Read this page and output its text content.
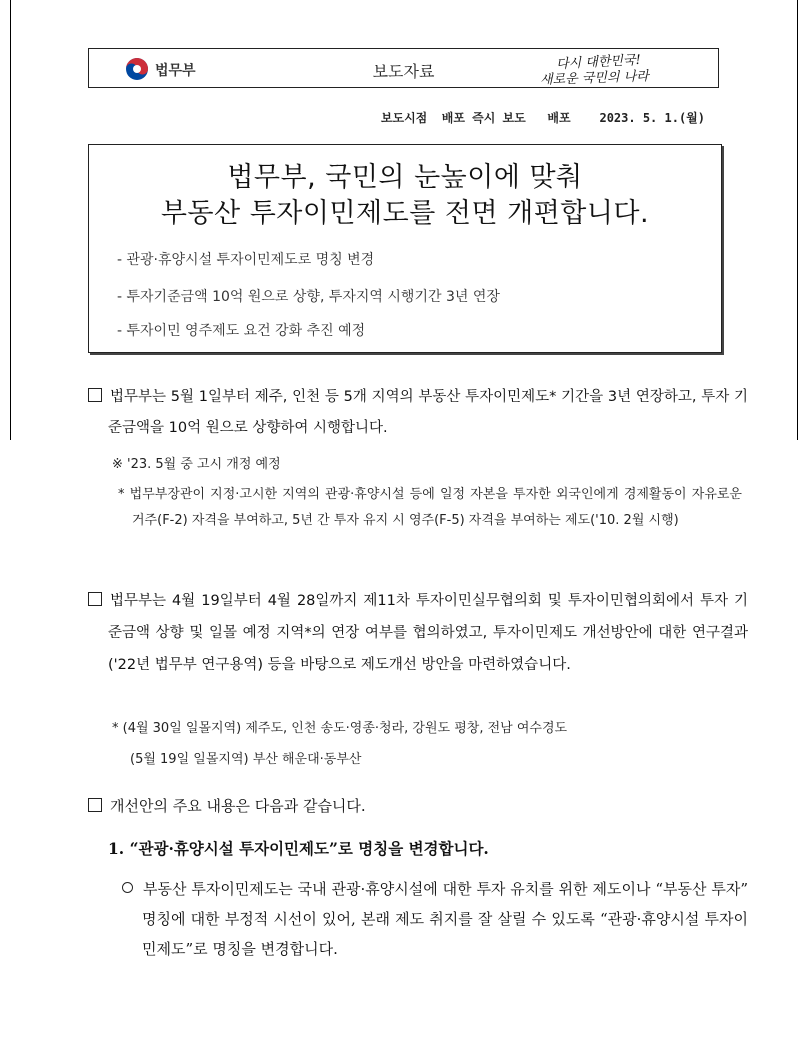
법무부	보도자료	다시 대한민국!
새로운 국민의 나라
보도시점  배포 즉시 보도   배포    2023. 5. 1.(월)
법무부, 국민의 눈높이에 맞춰
부동산 투자이민제도를 전면 개편합니다.
- 관광·휴양시설 투자이민제도로 명칭 변경
- 투자기준금액 10억 원으로 상향, 투자지역 시행기간 3년 연장
- 투자이민 영주제도 요건 강화 추진 예정
법무부는 5월 1일부터 제주, 인천 등 5개 지역의 부동산 투자이민제도* 기간을 3년 연장하고, 투자 기준금액을 10억 원으로 상향하여 시행합니다.
※ '23. 5월 중 고시 개정 예정
* 법무부장관이 지정·고시한 지역의 관광·휴양시설 등에 일정 자본을 투자한 외국인에게 경제활동이 자유로운 거주(F-2) 자격을 부여하고, 5년 간 투자 유지 시 영주(F-5) 자격을 부여하는 제도('10. 2월 시행)
법무부는 4월 19일부터 4월 28일까지 제11차 투자이민실무협의회 및 투자이민협의회에서 투자 기준금액 상향 및 일몰 예정 지역*의 연장 여부를 협의하였고, 투자이민제도 개선방안에 대한 연구결과('22년 법무부 연구용역) 등을 바탕으로 제도개선 방안을 마련하였습니다.
* (4월 30일 일몰지역) 제주도, 인천 송도·영종·청라, 강원도 평창, 전남 여수경도
(5월 19일 일몰지역) 부산 해운대·동부산
개선안의 주요 내용은 다음과 같습니다.
1. “관광·휴양시설 투자이민제도”로 명칭을 변경합니다.
부동산 투자이민제도는 국내 관광·휴양시설에 대한 투자 유치를 위한 제도이나 “부동산 투자” 명칭에 대한 부정적 시선이 있어, 본래 제도 취지를 잘 살릴 수 있도록 “관광·휴양시설 투자이민제도”로 명칭을 변경합니다.
